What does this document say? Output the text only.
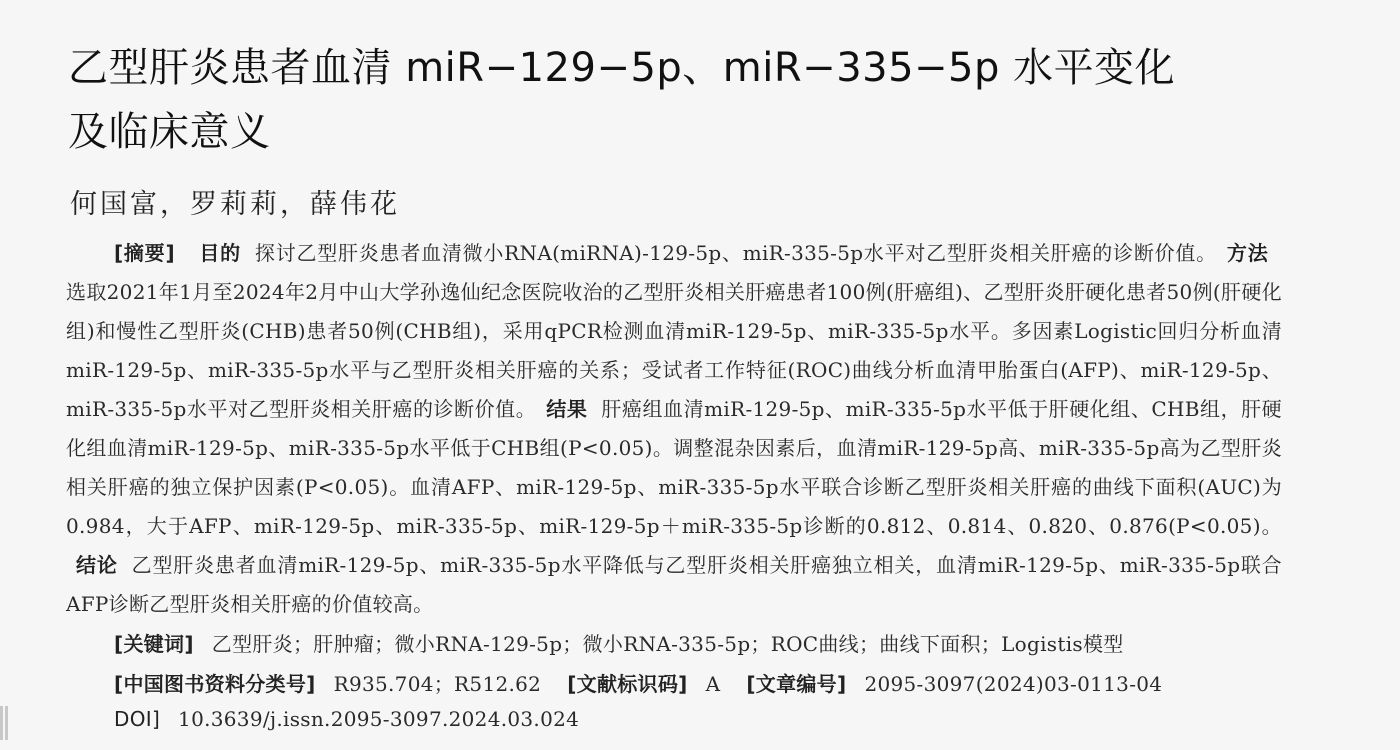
乙型肝炎患者血清 miR−129−5p、miR−335−5p 水平变化
及临床意义
何国富，罗莉莉，薛伟花

[摘要] 目的 探讨乙型肝炎患者血清微小RNA(miRNA)-129-5p、miR-335-5p水平对乙型肝炎相关肝癌的诊断价值。 方法选取2021年1月至2024年2月中山大学孙逸仙纪念医院收治的乙型肝炎相关肝癌患者100例(肝癌组)、乙型肝炎肝硬化患者50例(肝硬化组)和慢性乙型肝炎(CHB)患者50例(CHB组)，采用qPCR检测血清miR-129-5p、miR-335-5p水平。多因素Logistic回归分析血清miR-129-5p、miR-335-5p水平与乙型肝炎相关肝癌的关系；受试者工作特征(ROC)曲线分析血清甲胎蛋白(AFP)、miR-129-5p、miR-335-5p水平对乙型肝炎相关肝癌的诊断价值。 结果 肝癌组血清miR-129-5p、miR-335-5p水平低于肝硬化组、CHB组，肝硬化组血清miR-129-5p、miR-335-5p水平低于CHB组(P<0.05)。调整混杂因素后，血清miR-129-5p高、miR-335-5p高为乙型肝炎相关肝癌的独立保护因素(P<0.05)。血清AFP、miR-129-5p、miR-335-5p水平联合诊断乙型肝炎相关肝癌的曲线下面积(AUC)为0.984，大于AFP、miR-129-5p、miR-335-5p、miR-129-5p＋miR-335-5p诊断的0.812、0.814、0.820、0.876(P<0.05)。结论 乙型肝炎患者血清miR-129-5p、miR-335-5p水平降低与乙型肝炎相关肝癌独立相关，血清miR-129-5p、miR-335-5p联合AFP诊断乙型肝炎相关肝癌的价值较高。

[关键词] 乙型肝炎；肝肿瘤；微小RNA-129-5p；微小RNA-335-5p；ROC曲线；曲线下面积；Logistis模型
[中国图书资料分类号] R935.704；R512.62 [文献标识码] A [文章编号] 2095-3097(2024)03-0113-04
DOI] 10.3639/j.issn.2095-3097.2024.03.024
